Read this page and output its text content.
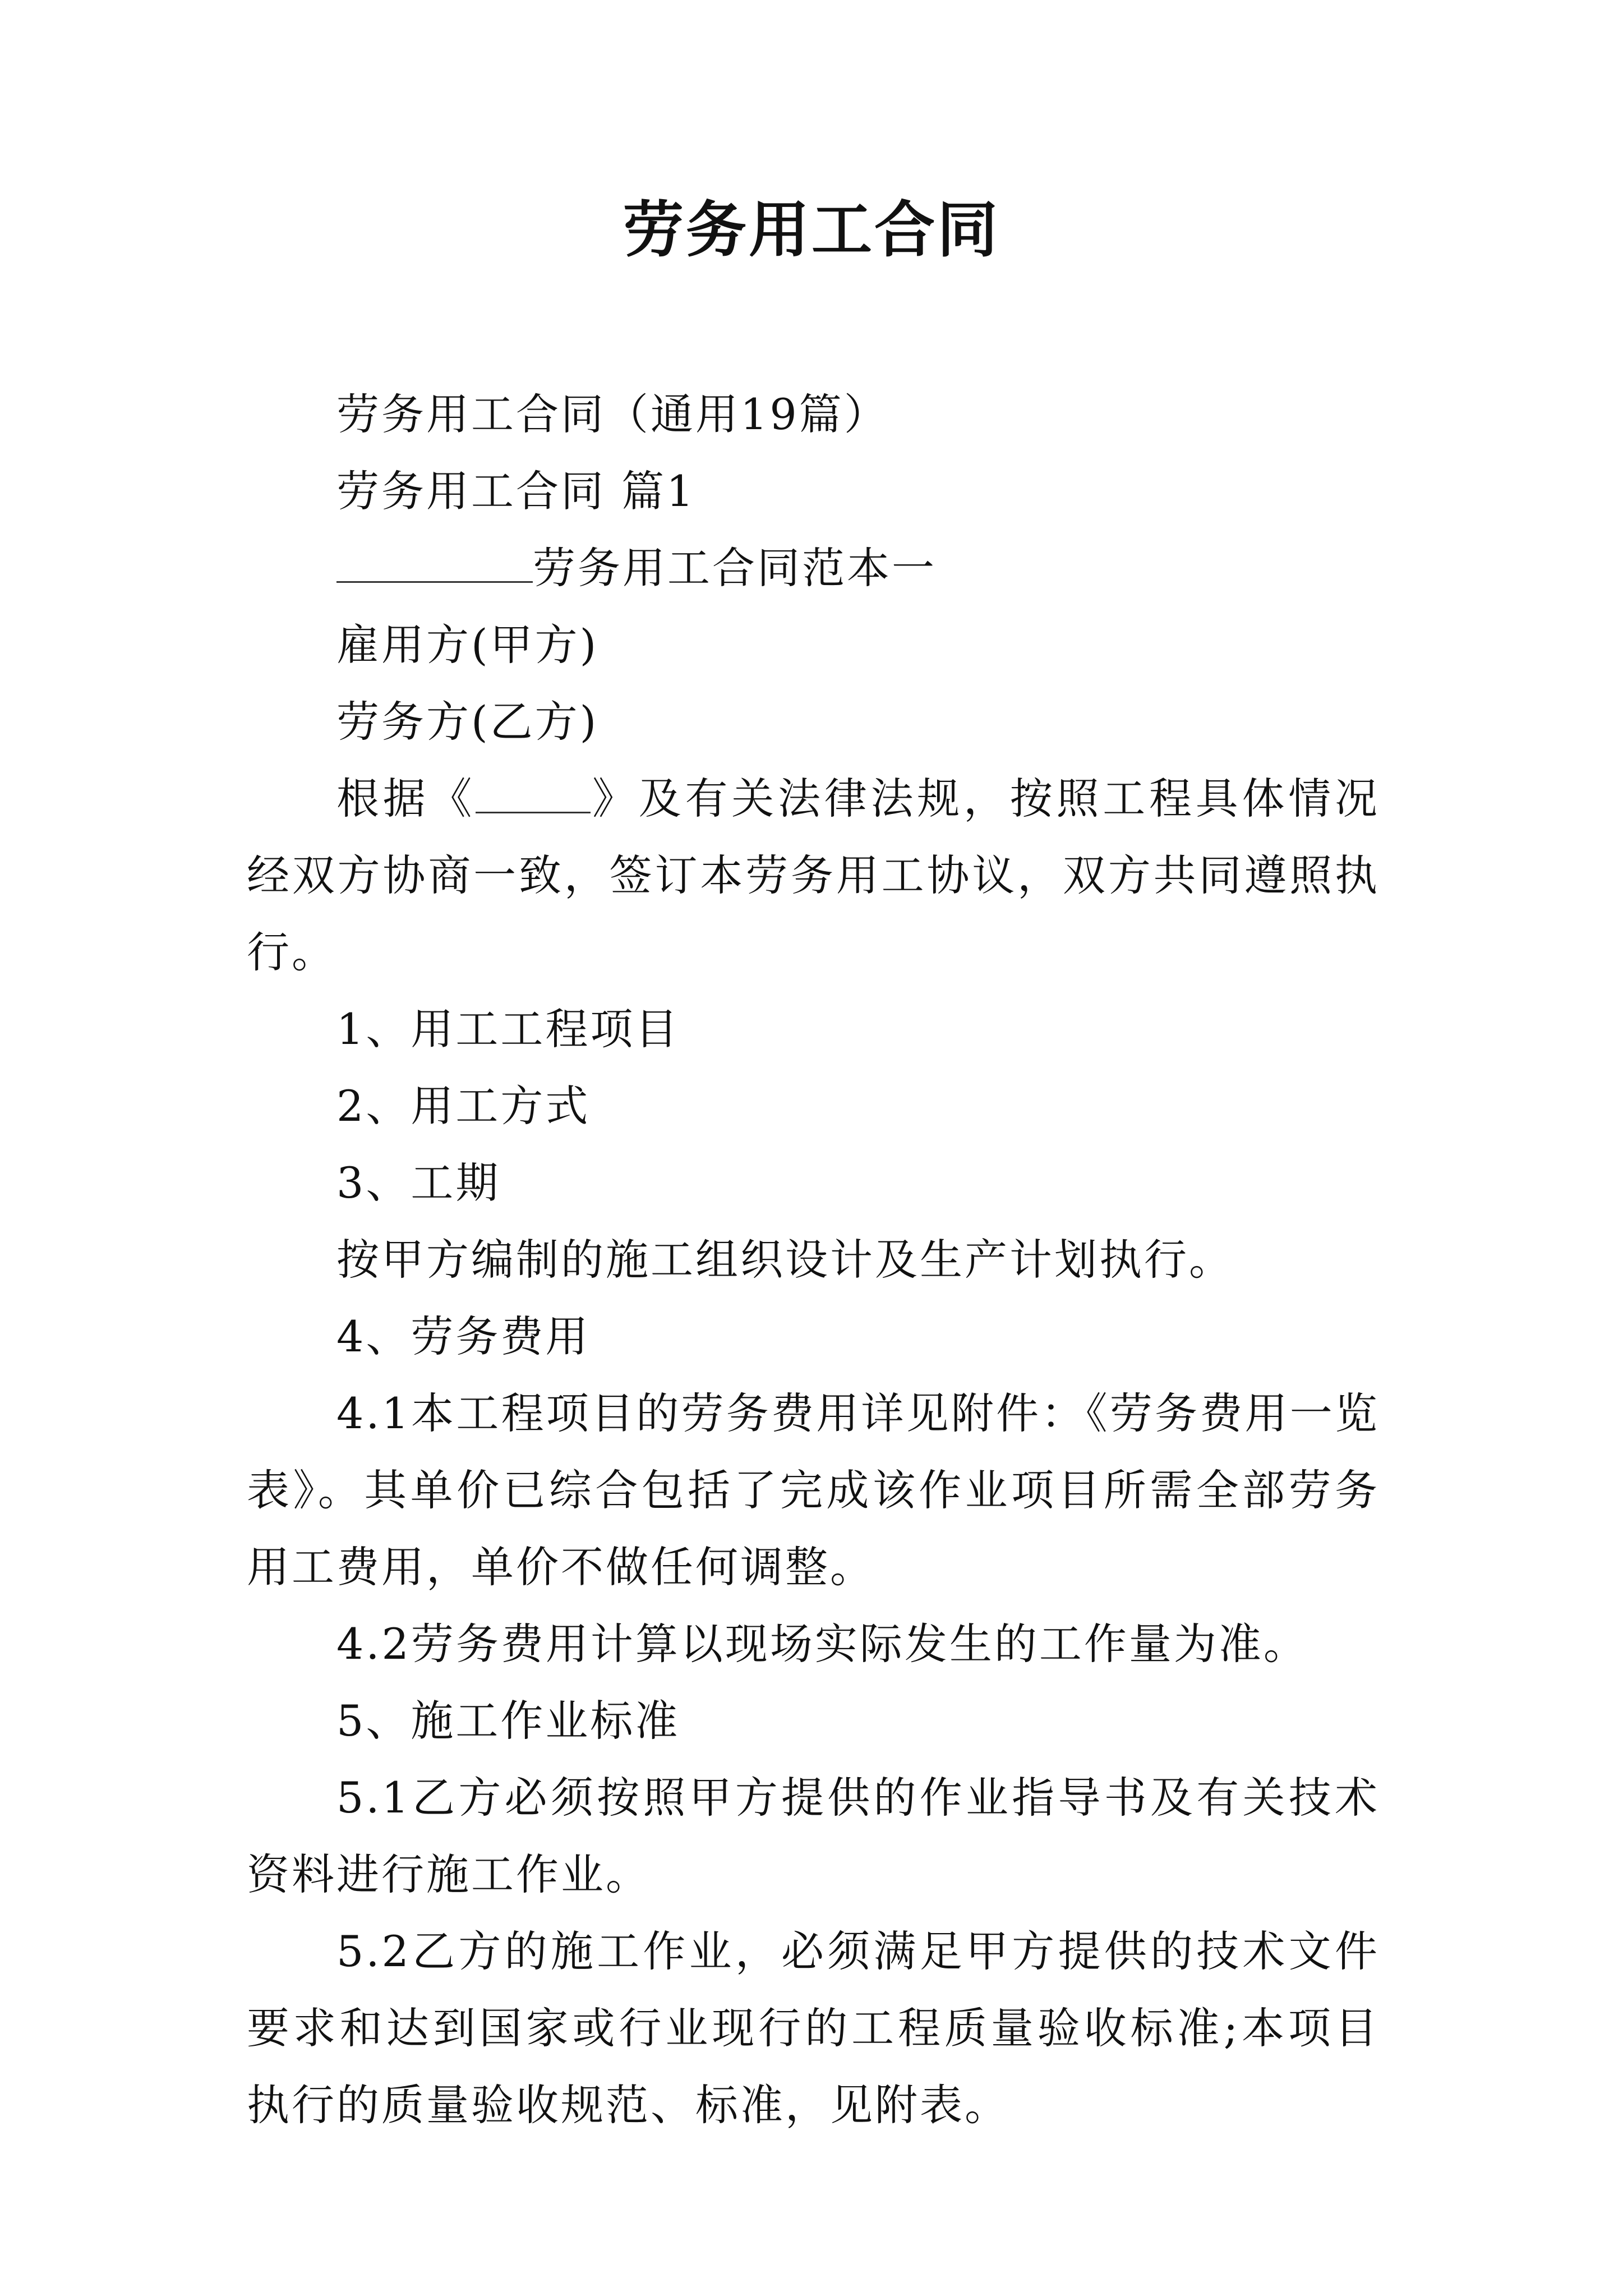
劳务用工合同

劳务用工合同（通用19篇）

劳务用工合同 篇1

劳务用工合同范本一

雇用方(甲方)

劳务方(乙方)

根据《	》及有关法律法规，按照工程具体情况经双方协商一致，签订本劳务用工协议，双方共同遵照执行。

1、用工工程项目

2、用工方式

3、工期

按甲方编制的施工组织设计及生产计划执行。

4、劳务费用

4.1本工程项目的劳务费用详见附件：《劳务费用一览表》。其单价已综合包括了完成该作业项目所需全部劳务用工费用，单价不做任何调整。

4.2劳务费用计算以现场实际发生的工作量为准。

5、施工作业标准

5.1乙方必须按照甲方提供的作业指导书及有关技术资料进行施工作业。

5.2乙方的施工作业，必须满足甲方提供的技术文件要求和达到国家或行业现行的工程质量验收标准;本项目执行的质量验收规范、标准，见附表。
